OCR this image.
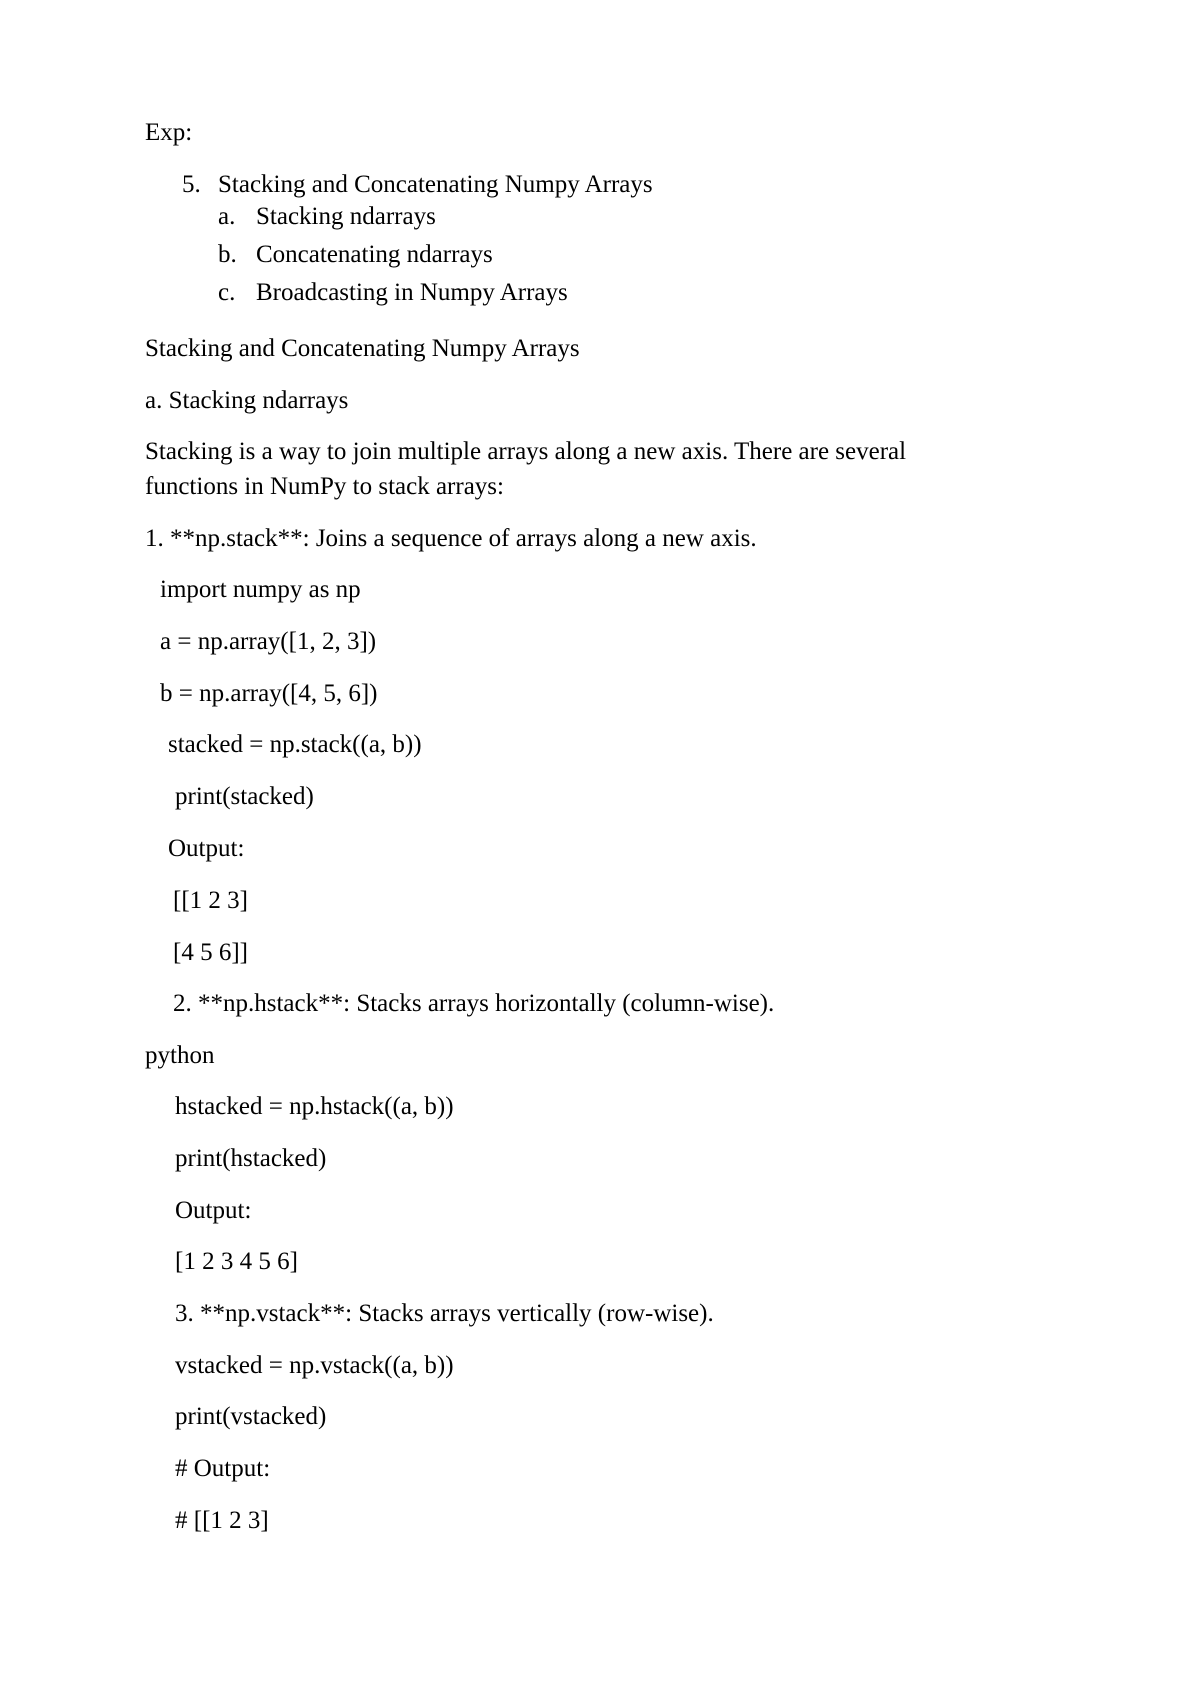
Exp:

5. Stacking and Concatenating Numpy Arrays
a. Stacking ndarrays
b. Concatenating ndarrays
c. Broadcasting in Numpy Arrays

Stacking and Concatenating Numpy Arrays

a. Stacking ndarrays

Stacking is a way to join multiple arrays along a new axis. There are several

functions in NumPy to stack arrays:

1. **np.stack**: Joins a sequence of arrays along a new axis.

import numpy as np

a = np.array([1, 2, 3])

b = np.array([4, 5, 6])

stacked = np.stack((a, b))

print(stacked)

Output:

[[1 2 3]

[4 5 6]]

2. **np.hstack**: Stacks arrays horizontally (column-wise).

python

hstacked = np.hstack((a, b))

print(hstacked)

Output:

[1 2 3 4 5 6]

3. **np.vstack**: Stacks arrays vertically (row-wise).

vstacked = np.vstack((a, b))

print(vstacked)

# Output:

# [[1 2 3]
